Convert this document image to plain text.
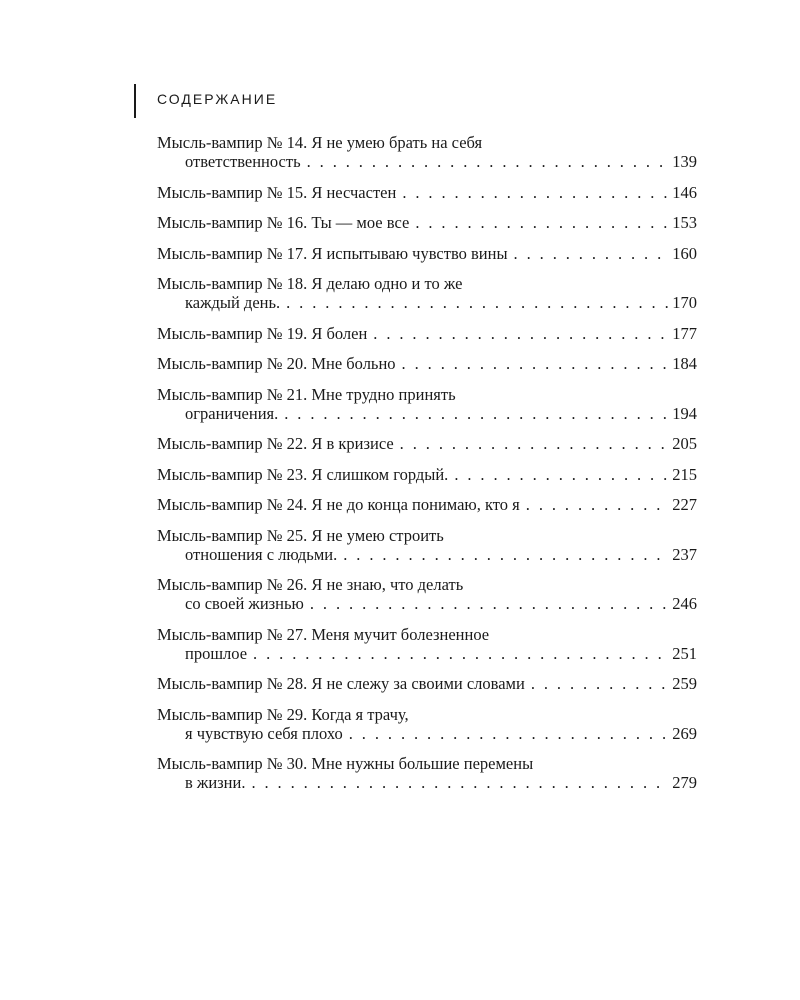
СОДЕРЖАНИЕ
Мысль-вампир № 14. Я не умею брать на себя
ответственность . . .	139
Мысль-вампир № 15. Я несчастен . . .	146
Мысль-вампир № 16. Ты — мое все . . .	153
Мысль-вампир № 17. Я испытываю чувство вины . . .	160
Мысль-вампир № 18. Я делаю одно и то же
каждый день. . . .	170
Мысль-вампир № 19. Я болен . . .	177
Мысль-вампир № 20. Мне больно . . .	184
Мысль-вампир № 21. Мне трудно принять
ограничения. . . .	194
Мысль-вампир № 22. Я в кризисе . . .	205
Мысль-вампир № 23. Я слишком гордый. . . .	215
Мысль-вампир № 24. Я не до конца понимаю, кто я . . .	227
Мысль-вампир № 25. Я не умею строить
отношения с людьми. . . .	237
Мысль-вампир № 26. Я не знаю, что делать
со своей жизнью . . .	246
Мысль-вампир № 27. Меня мучит болезненное
прошлое . . .	251
Мысль-вампир № 28. Я не слежу за своими словами . . .	259
Мысль-вампир № 29. Когда я трачу,
я чувствую себя плохо . . .	269
Мысль-вампир № 30. Мне нужны большие перемены
в жизни. . . .	279
